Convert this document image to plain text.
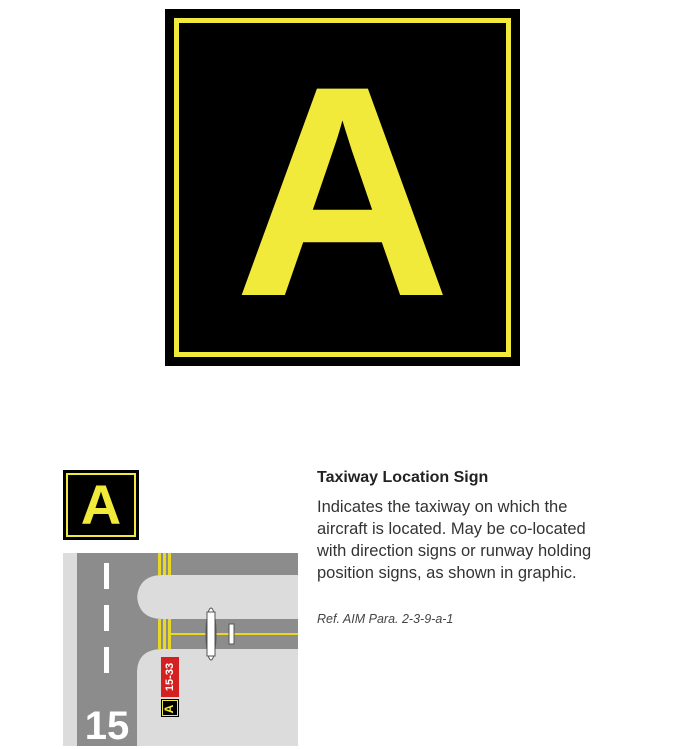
A
A
15-33
A
15
Taxiway Location Sign
Indicates the taxiway on which the aircraft is located. May be co-located with direction signs or runway holding position signs, as shown in graphic.
Ref. AIM Para. 2-3-9-a-1
